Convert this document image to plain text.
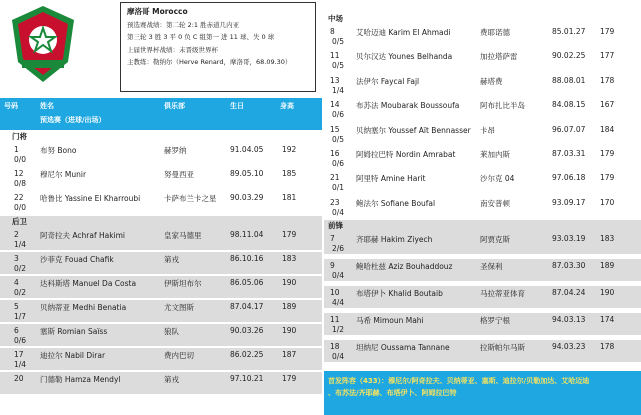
摩洛哥 Morocco
预选赛战绩：第二轮 2:1 胜赤道几内亚
第三轮 3 胜 3 平 0 负 C 组第一 进 11 球、失 0 球
上届世界杯战绩：未晋级世界杯
主教练：勒纳尔（Herve Renard，摩洛哥，68.09.30）
号码	姓名
预选赛（进球/出场）
俱乐部	生日	身高
门将
1	布努 Bono	赫罗纳	91.04.05 192
0/0
12 穆尼尔 Munir	努曼西亚	89.05.10 185
0/8
22 哈鲁比 Yassine El Kharroubi	卡萨布兰卡之星 90.03.29 181
0/0
后卫
2	阿奇拉夫 Achraf Hakimi	皇家马德里	98.11.04 179
1/4
3	沙菲克 Fouad Chafik	第戎	86.10.16 183
0/2
4	达科斯塔 Manuel Da Costa	伊斯坦布尔	86.05.06 190
0/2
5	贝纳蒂亚 Medhi Benatia	尤文图斯	87.04.17 189
1/7
6	塞斯 Romian Saïss	狼队	90.03.26 190
0/6
17 迪拉尔 Nabil Dirar	费内巴切	86.02.25 187
1/4
20 门德勒 Hamza Mendyl	第戎	97.10.21 179
中场
8	艾哈迈迪 Karim El Ahmadi	费耶诺德	85.01.27 179
0/5
11 贝尔汉达 Younes Belhanda	加拉塔萨雷	90.02.25 177
0/5
13 法伊尔 Faycal Fajl	赫塔费	88.08.01 178
1/4
14 布苏法 Moubarak Boussoufa	阿布扎比半岛	84.08.15 167
0/6
15 贝纳塞尔 Youssef Aït Bennasser 卡昂	96.07.07 184
0/5
16 阿姆拉巴特 Nordin Amrabat	莱加内斯	87.03.31 179
0/6
21 阿里特 Amine Harit	沙尔克 04	97.06.18 179
0/1
23 鲍法尔 Sofiane Boufal	南安普顿	93.09.17 170
0/4
前锋
7	齐耶赫 Hakim Ziyech	阿贾克斯	93.03.19 183
2/6
9	鲍哈杜兹 Aziz Bouhaddouz	圣保利	87.03.30 189
0/4
10 布塔伊卜 Khalid Boutaib	马拉蒂亚体育	87.04.24 190
4/4
11 马希 Mimoun Mahi	格罗宁根	94.03.13 174
1/2
18 坦纳尼 Oussama Tannane	拉斯帕尔马斯	94.03.23 178
0/4
首发阵容（433）：穆尼尔/阿奇拉夫、贝纳蒂亚、塞斯、迪拉尔/贝勒加达、艾哈迈迪
、布苏法/齐耶赫、布塔伊卜、阿姆拉巴特
